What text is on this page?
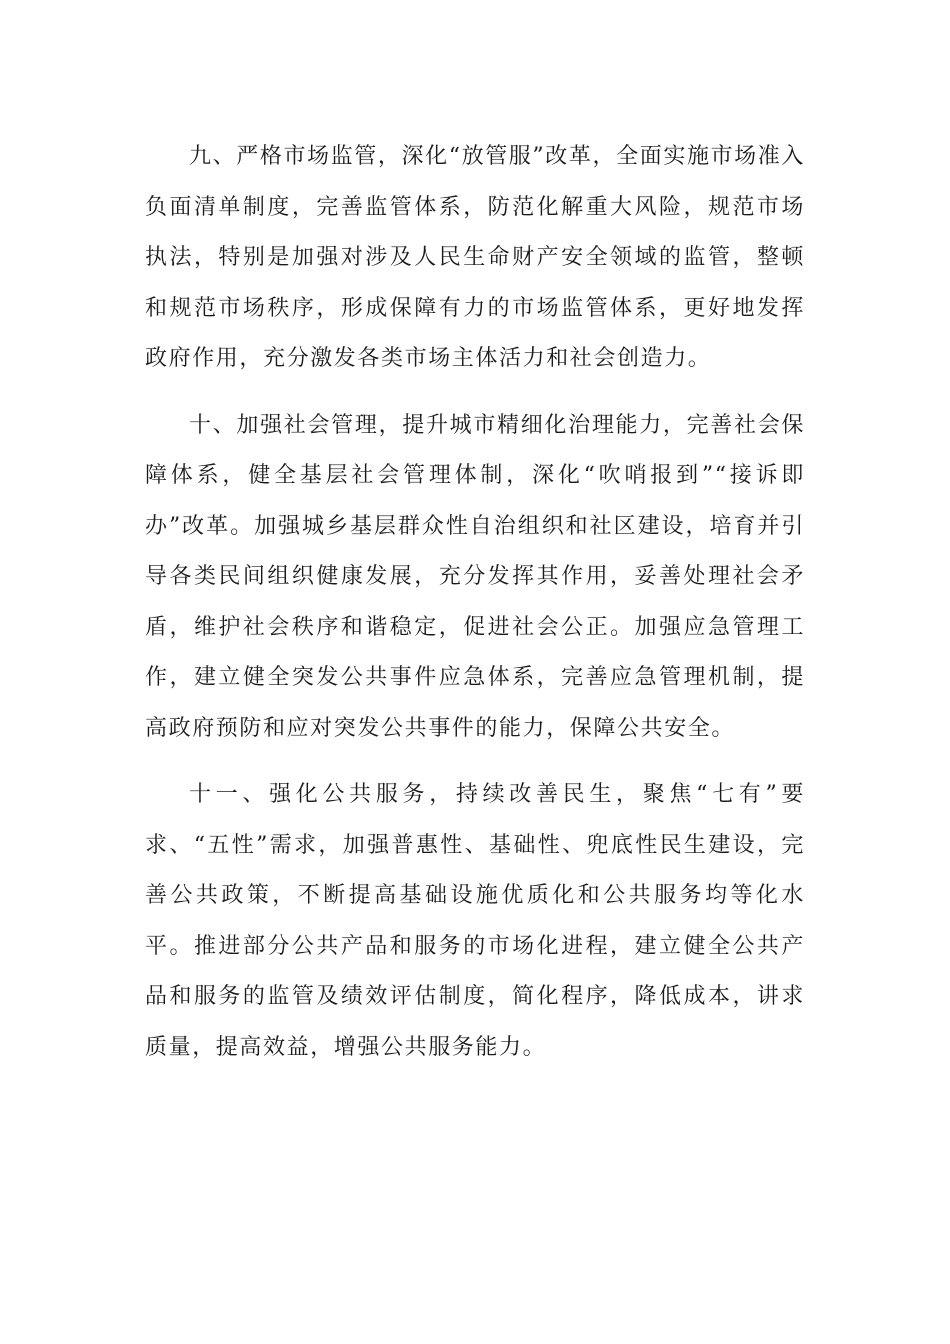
九、严格市场监管，深化“放管服”改革，全面实施市场准入负面清单制度，完善监管体系，防范化解重大风险，规范市场执法，特别是加强对涉及人民生命财产安全领域的监管，整顿和规范市场秩序，形成保障有力的市场监管体系，更好地发挥政府作用，充分激发各类市场主体活力和社会创造力。

十、加强社会管理，提升城市精细化治理能力，完善社会保障体系，健全基层社会管理体制，深化“吹哨报到”“接诉即办”改革。加强城乡基层群众性自治组织和社区建设，培育并引导各类民间组织健康发展，充分发挥其作用，妥善处理社会矛盾，维护社会秩序和谐稳定，促进社会公正。加强应急管理工作，建立健全突发公共事件应急体系，完善应急管理机制，提高政府预防和应对突发公共事件的能力，保障公共安全。

十一、强化公共服务，持续改善民生，聚焦“七有”要求、“五性”需求，加强普惠性、基础性、兜底性民生建设，完善公共政策，不断提高基础设施优质化和公共服务均等化水平。推进部分公共产品和服务的市场化进程，建立健全公共产品和服务的监管及绩效评估制度，简化程序，降低成本，讲求质量，提高效益，增强公共服务能力。
